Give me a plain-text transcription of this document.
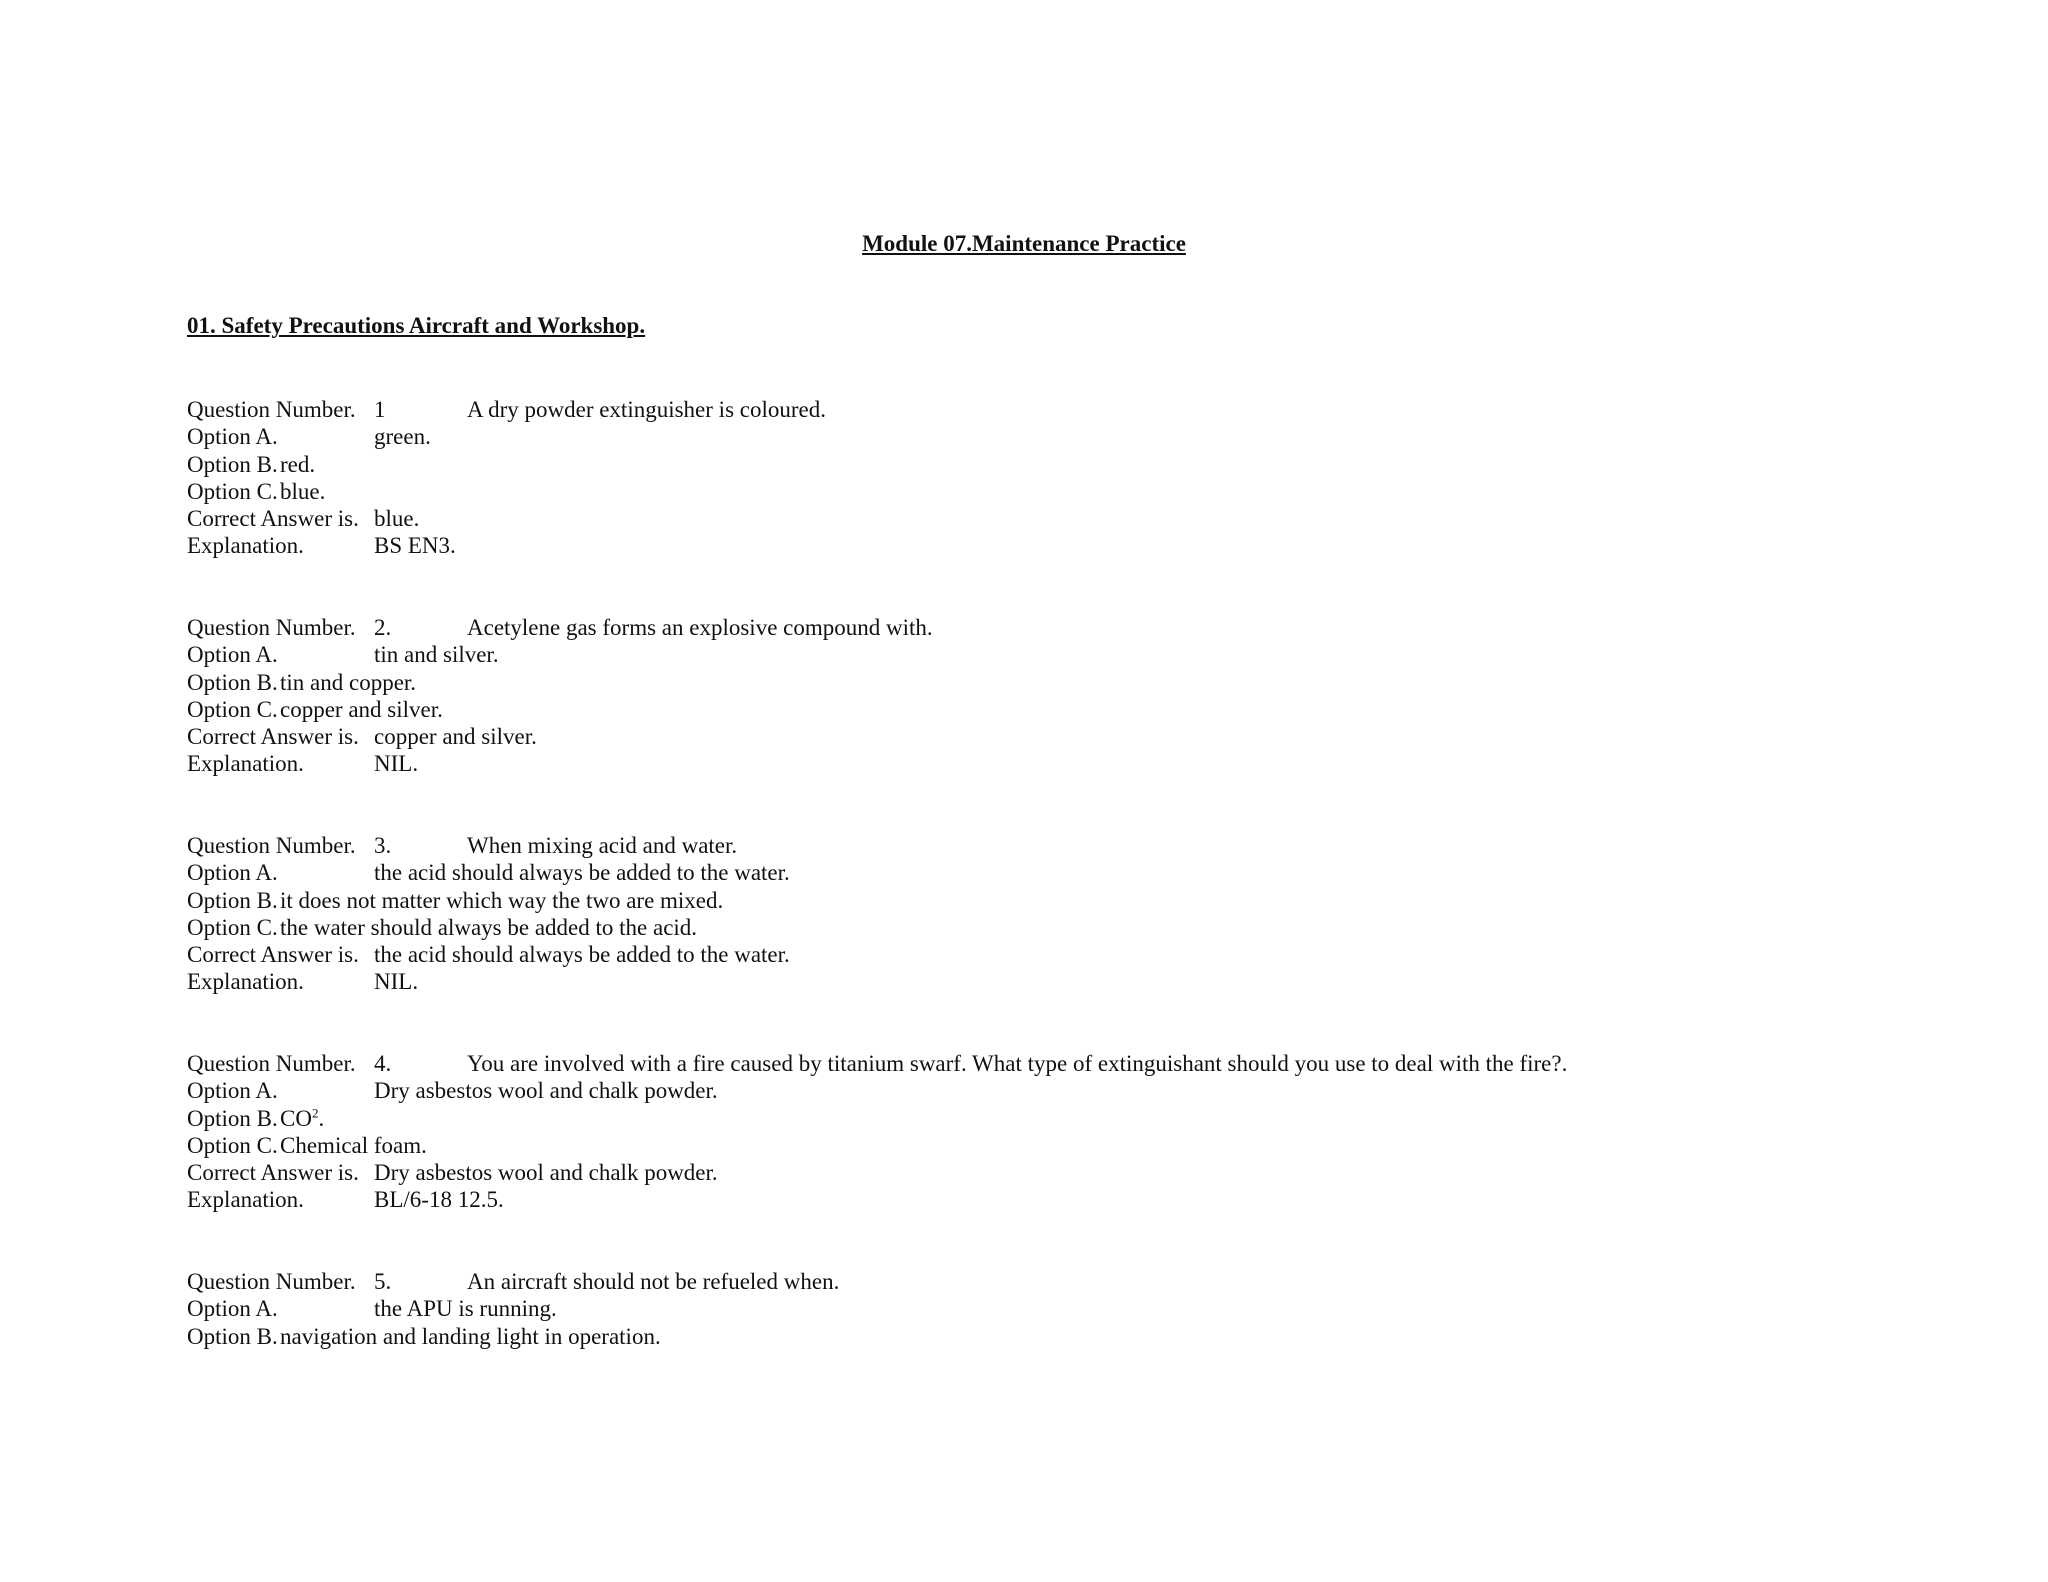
Module 07.Maintenance Practice
01. Safety Precautions Aircraft and Workshop.
Question Number. 1	A dry powder extinguisher is coloured.
Option A.	green.
Option B. red.
Option C. blue.
Correct Answer is. blue.
Explanation.	BS EN3.
Question Number. 2.	Acetylene gas forms an explosive compound with.
Option A.	tin and silver.
Option B. tin and copper.
Option C. copper and silver.
Correct Answer is. copper and silver.
Explanation.	NIL.
Question Number. 3.	When mixing acid and water.
Option A.	the acid should always be added to the water.
Option B. it does not matter which way the two are mixed.
Option C. the water should always be added to the acid.
Correct Answer is. the acid should always be added to the water.
Explanation.	NIL.
Question Number. 4.	You are involved with a fire caused by titanium swarf. What type of extinguishant should you use to deal with the fire?.
Option A.	Dry asbestos wool and chalk powder.
Option B. $CO^2$.
Option C. Chemical foam.
Correct Answer is. Dry asbestos wool and chalk powder.
Explanation.	BL/6-18 12.5.
Question Number. 5.	An aircraft should not be refueled when.
Option A.	the APU is running.
Option B. navigation and landing light in operation.
